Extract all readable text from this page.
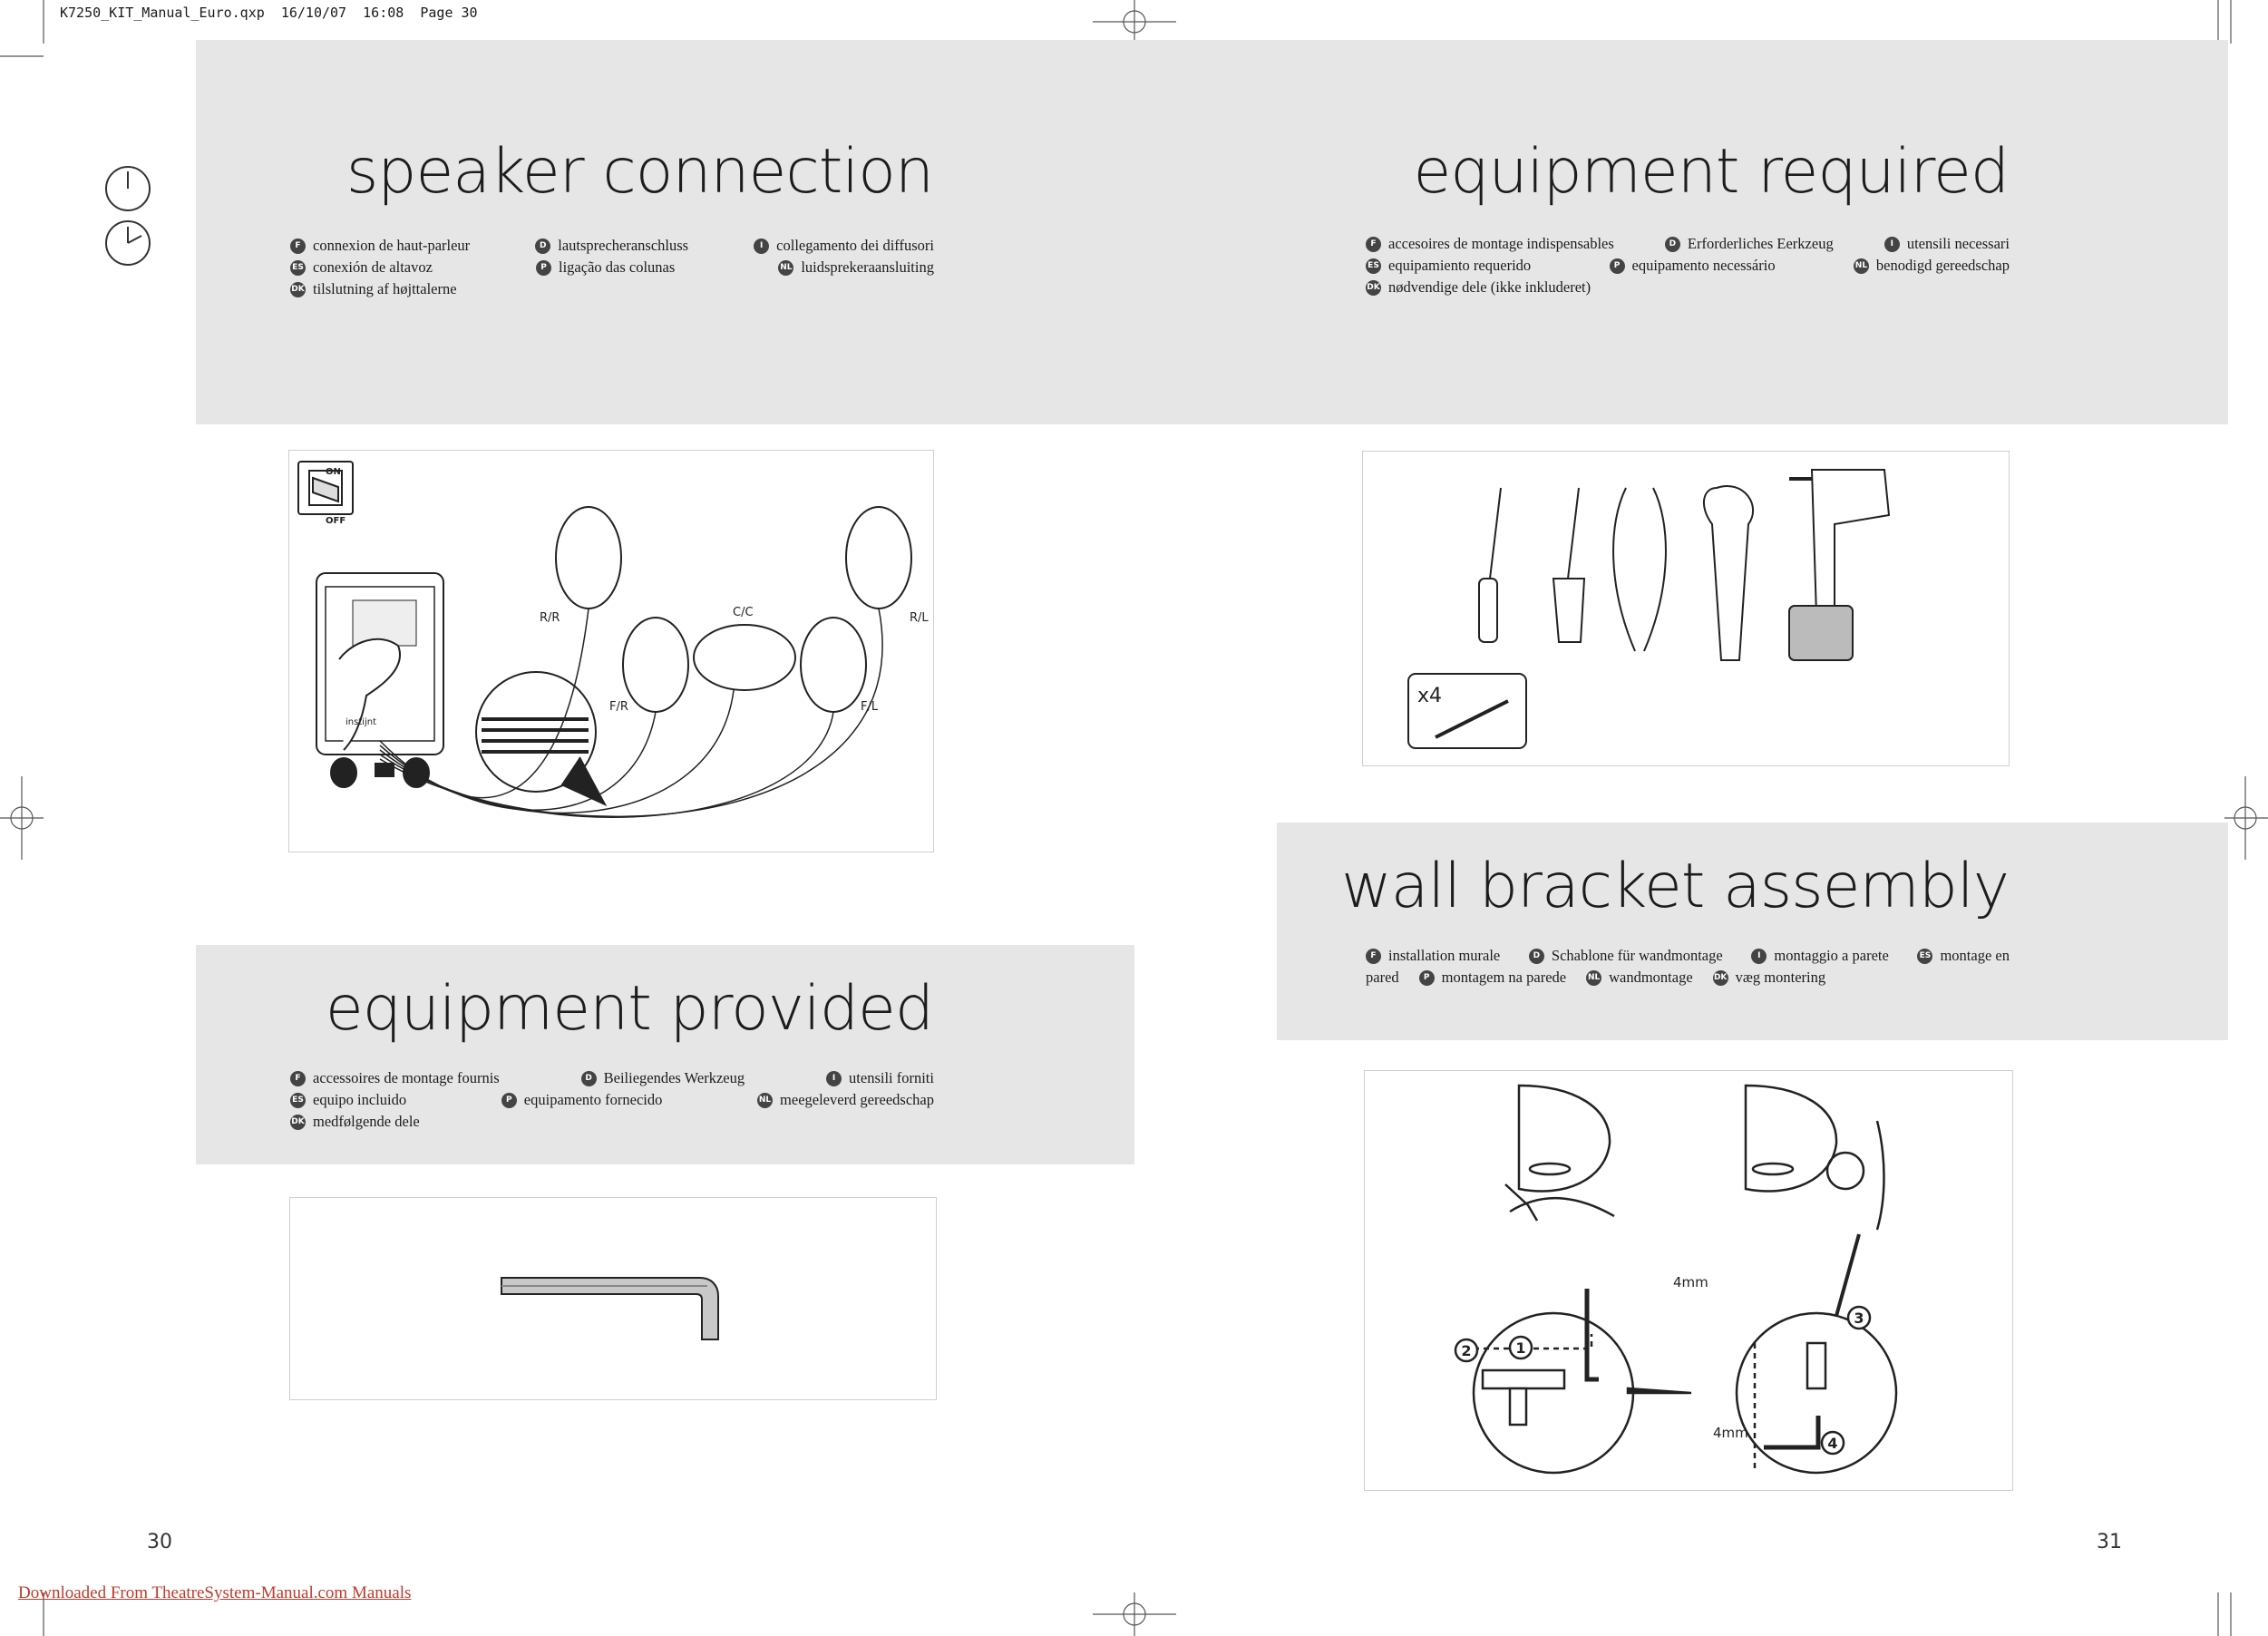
K7250_KIT_Manual_Euro.qxp  16/10/07  16:08  Page 30
speaker connection
F connexion de haut-parleur	D lautsprecheranschluss	I collegamento dei diffusori
ES conexión de altavoz	P ligação das colunas	NL luidsprekeraansluiting
DK tilslutning af højttalerne
equipment required
F accesoires de montage indispensables	D Erforderliches Eerkzeug	I utensili necessari
ES equipamiento requerido	P equipamento necessário	NL benodigd gereedschap
DK nødvendige dele (ikke inkluderet)
ON
OFF
instijnt
R/R	C/C	R/L
F/R	F/L	x4
equipment provided
F accessoires de montage fournis	D Beiliegendes Werkzeug	I utensili forniti
ES equipo incluido	P equipamento fornecido	NL meegeleverd gereedschap
DK medfølgende dele
wall bracket assembly
F installation murale	D Schablone für wandmontage	I montaggio a parete	ES montage en
pared	P montagem na parede	NL wandmontage	DK væg montering
1
2
3
4
4mm
4mm
30	31
Downloaded From TheatreSystem-Manual.com Manuals
